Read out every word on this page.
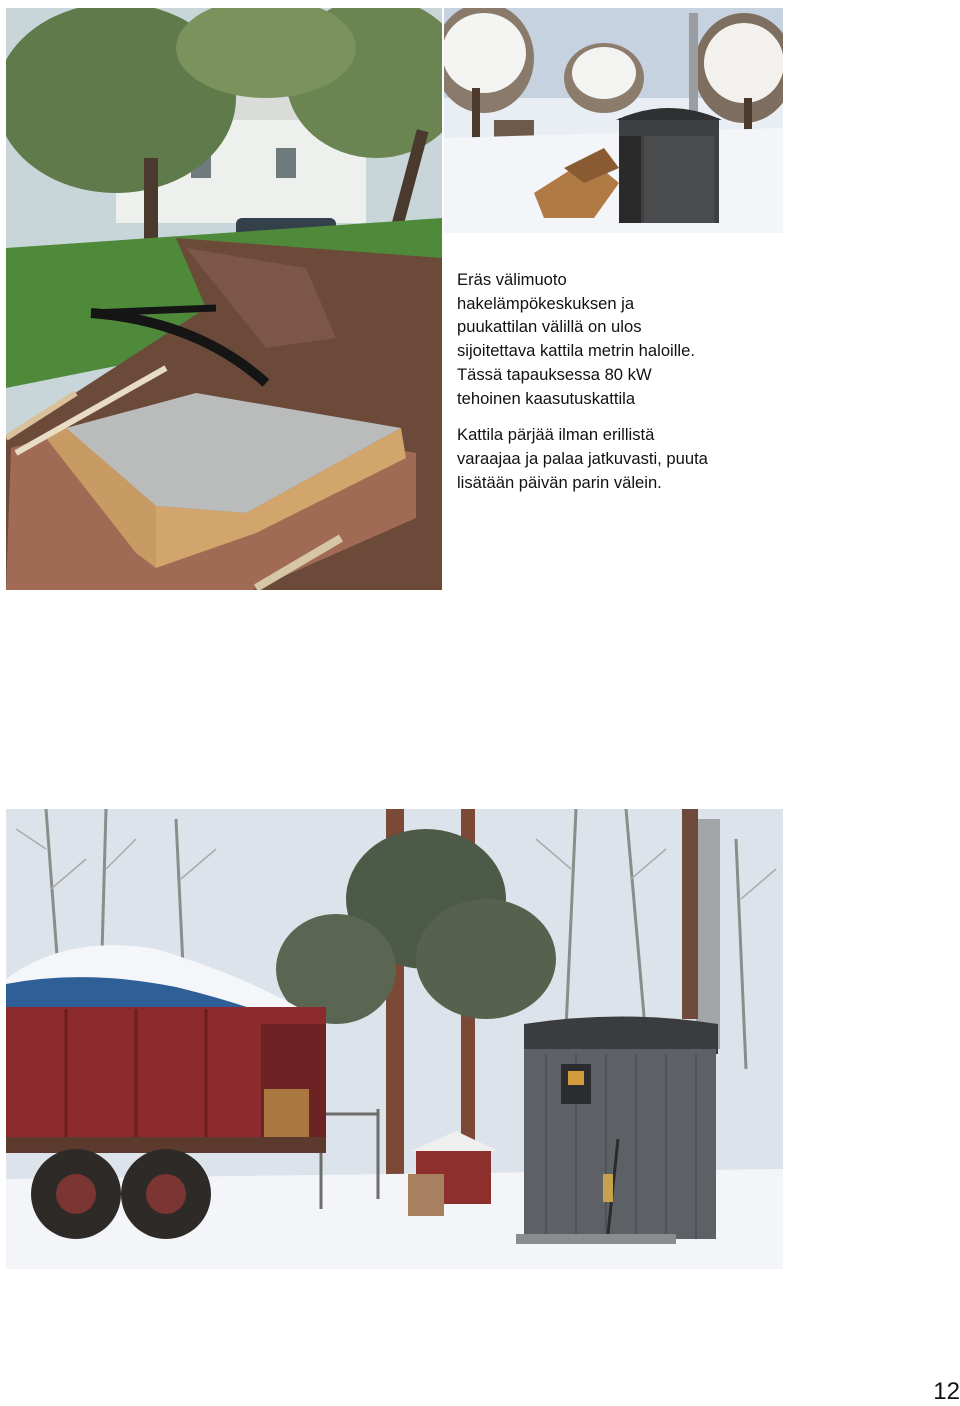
Eräs välimuoto
hakelämpökeskuksen ja
puukattilan välillä on ulos
sijoitettava kattila metrin haloille.
Tässä tapauksessa 80 kW
tehoinen kaasutuskattila

Kattila pärjää ilman erillistä
varaajaa ja palaa jatkuvasti, puuta
lisätään päivän parin välein.

12
